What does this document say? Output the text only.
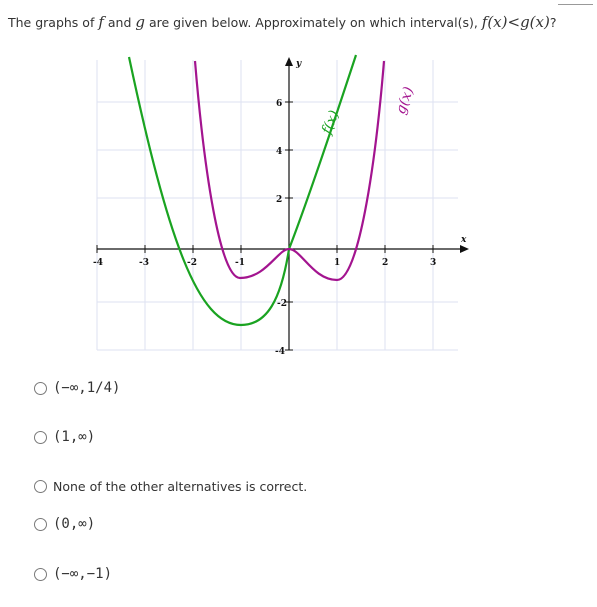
The graphs of f and g are given below. Approximately on which interval(s), f(x)<g(x)?
-4	-3	-2	-1	1	2	3
6
4
2
-2
-4
x
y
f(x)
g(x)
(−∞,1/4)
(1,∞)
None of the other alternatives is correct.
(0,∞)
(−∞,−1)
